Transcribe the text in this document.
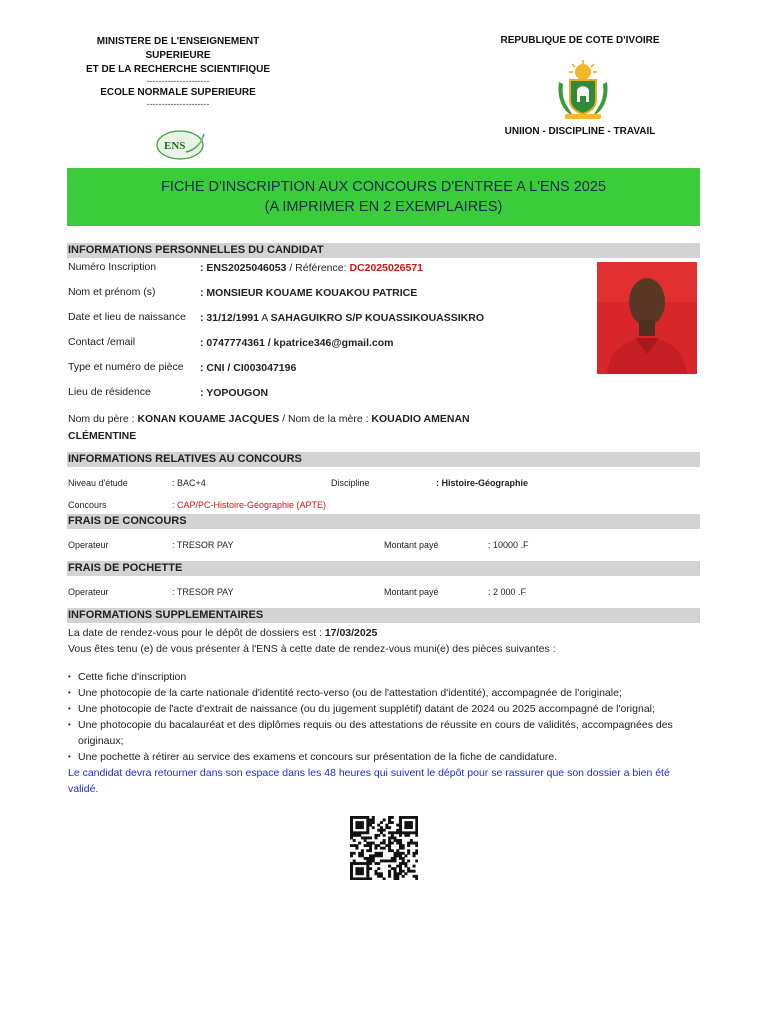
MINISTERE DE L'ENSEIGNEMENT SUPERIEURE
ET DE LA RECHERCHE SCIENTIFIQUE
---------------------
ECOLE NORMALE SUPERIEURE
---------------------
ENS
REPUBLIQUE DE COTE D'IVOIRE
UNIION - DISCIPLINE - TRAVAIL
FICHE D'INSCRIPTION AUX CONCOURS D'ENTREE A L'ENS 2025
(A IMPRIMER EN 2 EXEMPLAIRES)
INFORMATIONS PERSONNELLES DU CANDIDAT
Numéro Inscription	: ENS2025046053 / Référence: DC2025026571
Nom et prénom (s)	: MONSIEUR KOUAME KOUAKOU PATRICE
Date et lieu de naissance : 31/12/1991 A SAHAGUIKRO S/P KOUASSIKOUASSIKRO
Contact /email	: 0747774361 / kpatrice346@gmail.com
Type et numéro de pièce : CNI / CI003047196
Lieu de résidence	: YOPOUGON
Nom du père : KONAN KOUAME JACQUES / Nom de la mère : KOUADIO AMENAN CLÉMENTINE
INFORMATIONS RELATIVES AU CONCOURS
Niveau d'étude	: BAC+4	Discipline	: Histoire-Géographie
Concours	: CAP/PC-Histoire-Géographie (APTE)
FRAIS DE CONCOURS
Operateur	: TRESOR PAY	Montant payé	: 10000 .F
FRAIS DE POCHETTE
Operateur	: TRESOR PAY	Montant payé	: 2 000 .F
INFORMATIONS SUPPLEMENTAIRES
La date de rendez-vous pour le dépôt de dossiers est : 17/03/2025
Vous êtes tenu (e) de vous présenter à l'ENS à cette date de rendez-vous muni(e) des pièces suivantes :
• Cette fiche d'inscription
• Une photocopie de la carte nationale d'identité recto-verso (ou de l'attestation d'identité), accompagnée de l'originale;
• Une photocopie de l'acte d'extrait de naissance (ou du jugement supplétif) datant de 2024 ou 2025 accompagné de l'orignal;
• Une photocopie du bacalauréat et des diplômes requis ou des attestations de réussite en cours de validités, accompagnées des originaux;
• Une pochette à rétirer au service des examens et concours sur présentation de la fiche de candidature.
Le candidat devra retourner dans son espace dans les 48 heures qui suivent le dépôt pour se rassurer que son dossier a bien été validé.
